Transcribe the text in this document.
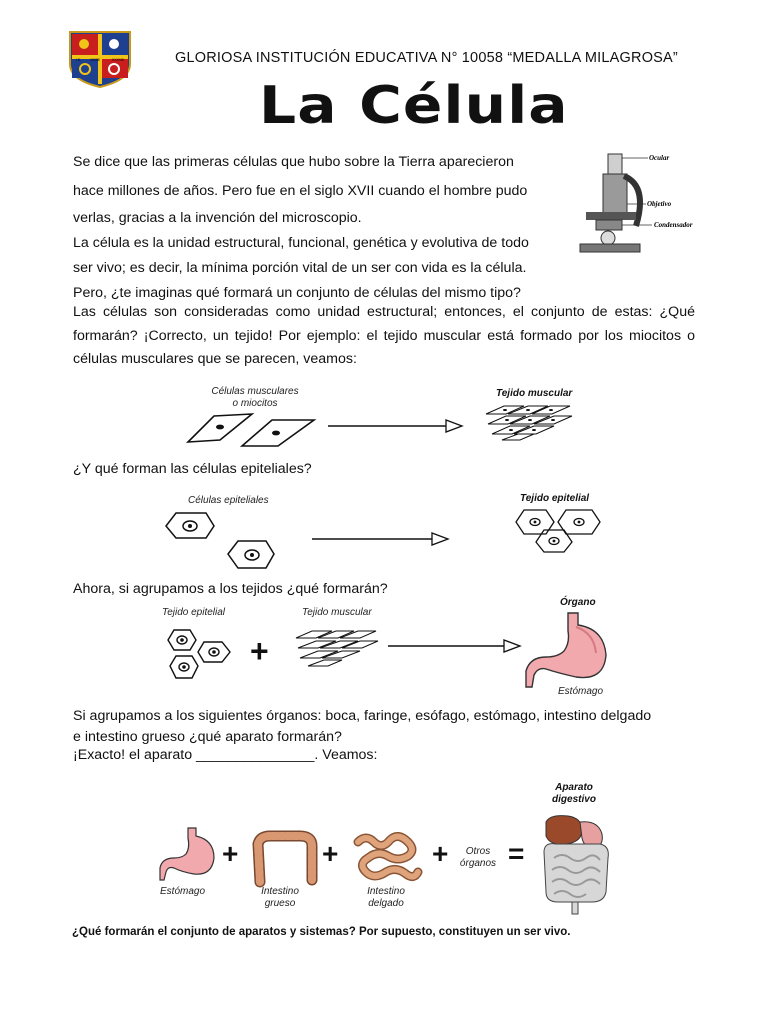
I.E. 10058	XXXVIII	GLORIOSA INSTITUCIÓN EDUCATIVA N° 10058 “MEDALLA MILAGROSA”
La Célula
Se dice que las primeras células que hubo sobre la Tierra aparecieron
hace millones de años. Pero fue en el siglo XVII cuando el hombre pudo
verlas, gracias a la invención del microscopio.
La célula es la unidad estructural, funcional, genética y evolutiva de todo
ser vivo; es decir, la mínima porción vital de un ser con vida es la célula.
Pero, ¿te imaginas qué formará un conjunto de células del mismo tipo?
Las células son consideradas como unidad estructural; entonces, el conjunto de estas: ¿Qué formarán? ¡Correcto, un tejido! Por ejemplo: el tejido muscular está formado por los miocitos o células musculares que se parecen, veamos:
Ocular
Objetivo
Condensador
Células musculares
o miocitos
Tejido muscular
¿Y qué forman las células epiteliales?
Células epiteliales	Tejido epitelial
Ahora, si agrupamos a los tejidos ¿qué formarán?
Tejido epitelial	Tejido muscular
Órgano
+
Estómago
Si agrupamos a los siguientes órganos: boca, faringe, esófago, estómago, intestino delgado
e intestino grueso ¿qué aparato formarán?
¡Exacto! el aparato _______________. Veamos:
Aparato
digestivo
+	+	+	Otros
órganos =
Estómago	Intestino
grueso
Intestino
delgado
¿Qué formarán el conjunto de aparatos y sistemas? Por supuesto, constituyen un ser vivo.
